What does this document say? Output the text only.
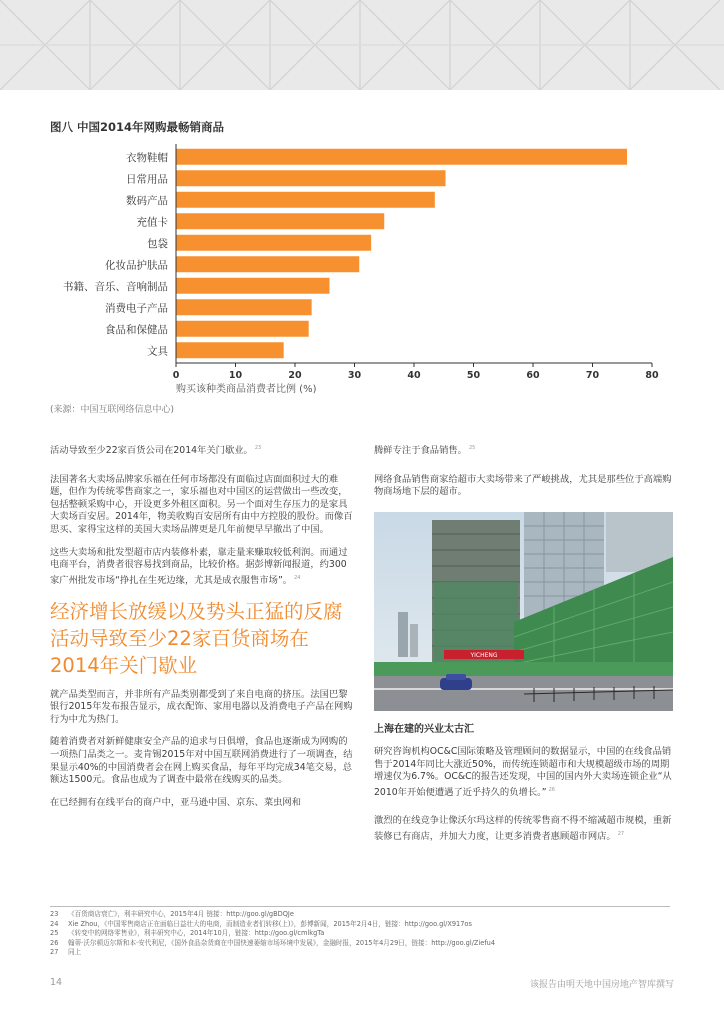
图八 中国2014年网购最畅销商品
衣物鞋帽
日常用品
数码产品
充值卡
包袋
化妆品护肤品
书籍、音乐、音响制品
消费电子产品
食品和保健品
文具
0	10	20	30	40	50	60	70	80
购买该种类商品消费者比例 (%)
(来源：中国互联网络信息中心)

活动导致至少22家百货公司在2014年关门歇业。 $^{23}$

法国著名大卖场品牌家乐福在任何市场都没有面临过店面面积过大的难题，但作为传统零售商家之一，家乐福也对中国区的运营做出一些改变，包括整顿采购中心，开设更多外租区面积。另一个面对生存压力的是家具大卖场百安居。2014年，物美收购百安居所有由中方控股的股份。而像百思买、家得宝这样的美国大卖场品牌更是几年前便早早撤出了中国。

这些大卖场和批发型超市店内装修朴素，靠走量来赚取较低利润。而通过电商平台，消费者很容易找到商品，比较价格。据彭博新闻报道，约300家广州批发市场“挣扎在生死边缘，尤其是成衣服售市场”。 $^{24}$

经济增长放缓以及势头正猛的反腐活动导致至少22家百货商场在2014年关门歇业

就产品类型而言，并非所有产品类别都受到了来自电商的挤压。法国巴黎银行2015年发布报告显示，成衣配饰、家用电器以及消费电子产品在网购行为中尤为热门。

随着消费者对新鲜健康安全产品的追求与日俱增，食品也逐渐成为网购的一项热门品类之一。麦肯锡2015年对中国互联网消费进行了一项调查，结果显示40%的中国消费者会在网上购买食品，每年平均完成34笔交易，总额达1500元。食品也成为了调查中最常在线购买的品类。

在已经拥有在线平台的商户中，亚马逊中国、京东、菜虫网和

腾鲜专注于食品销售。 $^{25}$

网络食品销售商家给超市大卖场带来了严峻挑战，尤其是那些位于高端购物商场地下层的超市。

YICHENG
上海在建的兴业太古汇

研究咨询机构OC&C国际策略及管理顾问的数据显示，中国的在线食品销售于2014年同比大涨近50%，而传统连锁超市和大规模超级市场的周期增速仅为6.7%。OC&C的报告还发现，中国的国内外大卖场连锁企业“从2010年开始便遭遇了近乎持久的负增长。” $^{26}$

激烈的在线竞争让像沃尔玛这样的传统零售商不得不缩减超市规模，重新装修已有商店，并加大力度，让更多消费者惠顾超市网店。 $^{27}$

23 《百货商店衰亡》，利丰研究中心，2015年4月 链接：http://goo.gl/gBDQJe
24 Xie Zhou，《中国零售商店正在面临日益壮大的电商，而制造业者们转移(上)》，彭博新闻，2015年2月4日，链接：http://goo.gl/X917os
25 《转变中的网络零售业》，利丰研究中心，2014年10月，链接：http://goo.gl/cmlkgTa
26 翰蒂·沃尔顿迈尔斯和本·安代利尼，《国外食品杂货商在中国快速萎缩市场环境中发展》，金融时报，2015年4月29日，链接：http://goo.gl/Ziefu4
27 同上
14	该报告由明天地中国房地产智库撰写
